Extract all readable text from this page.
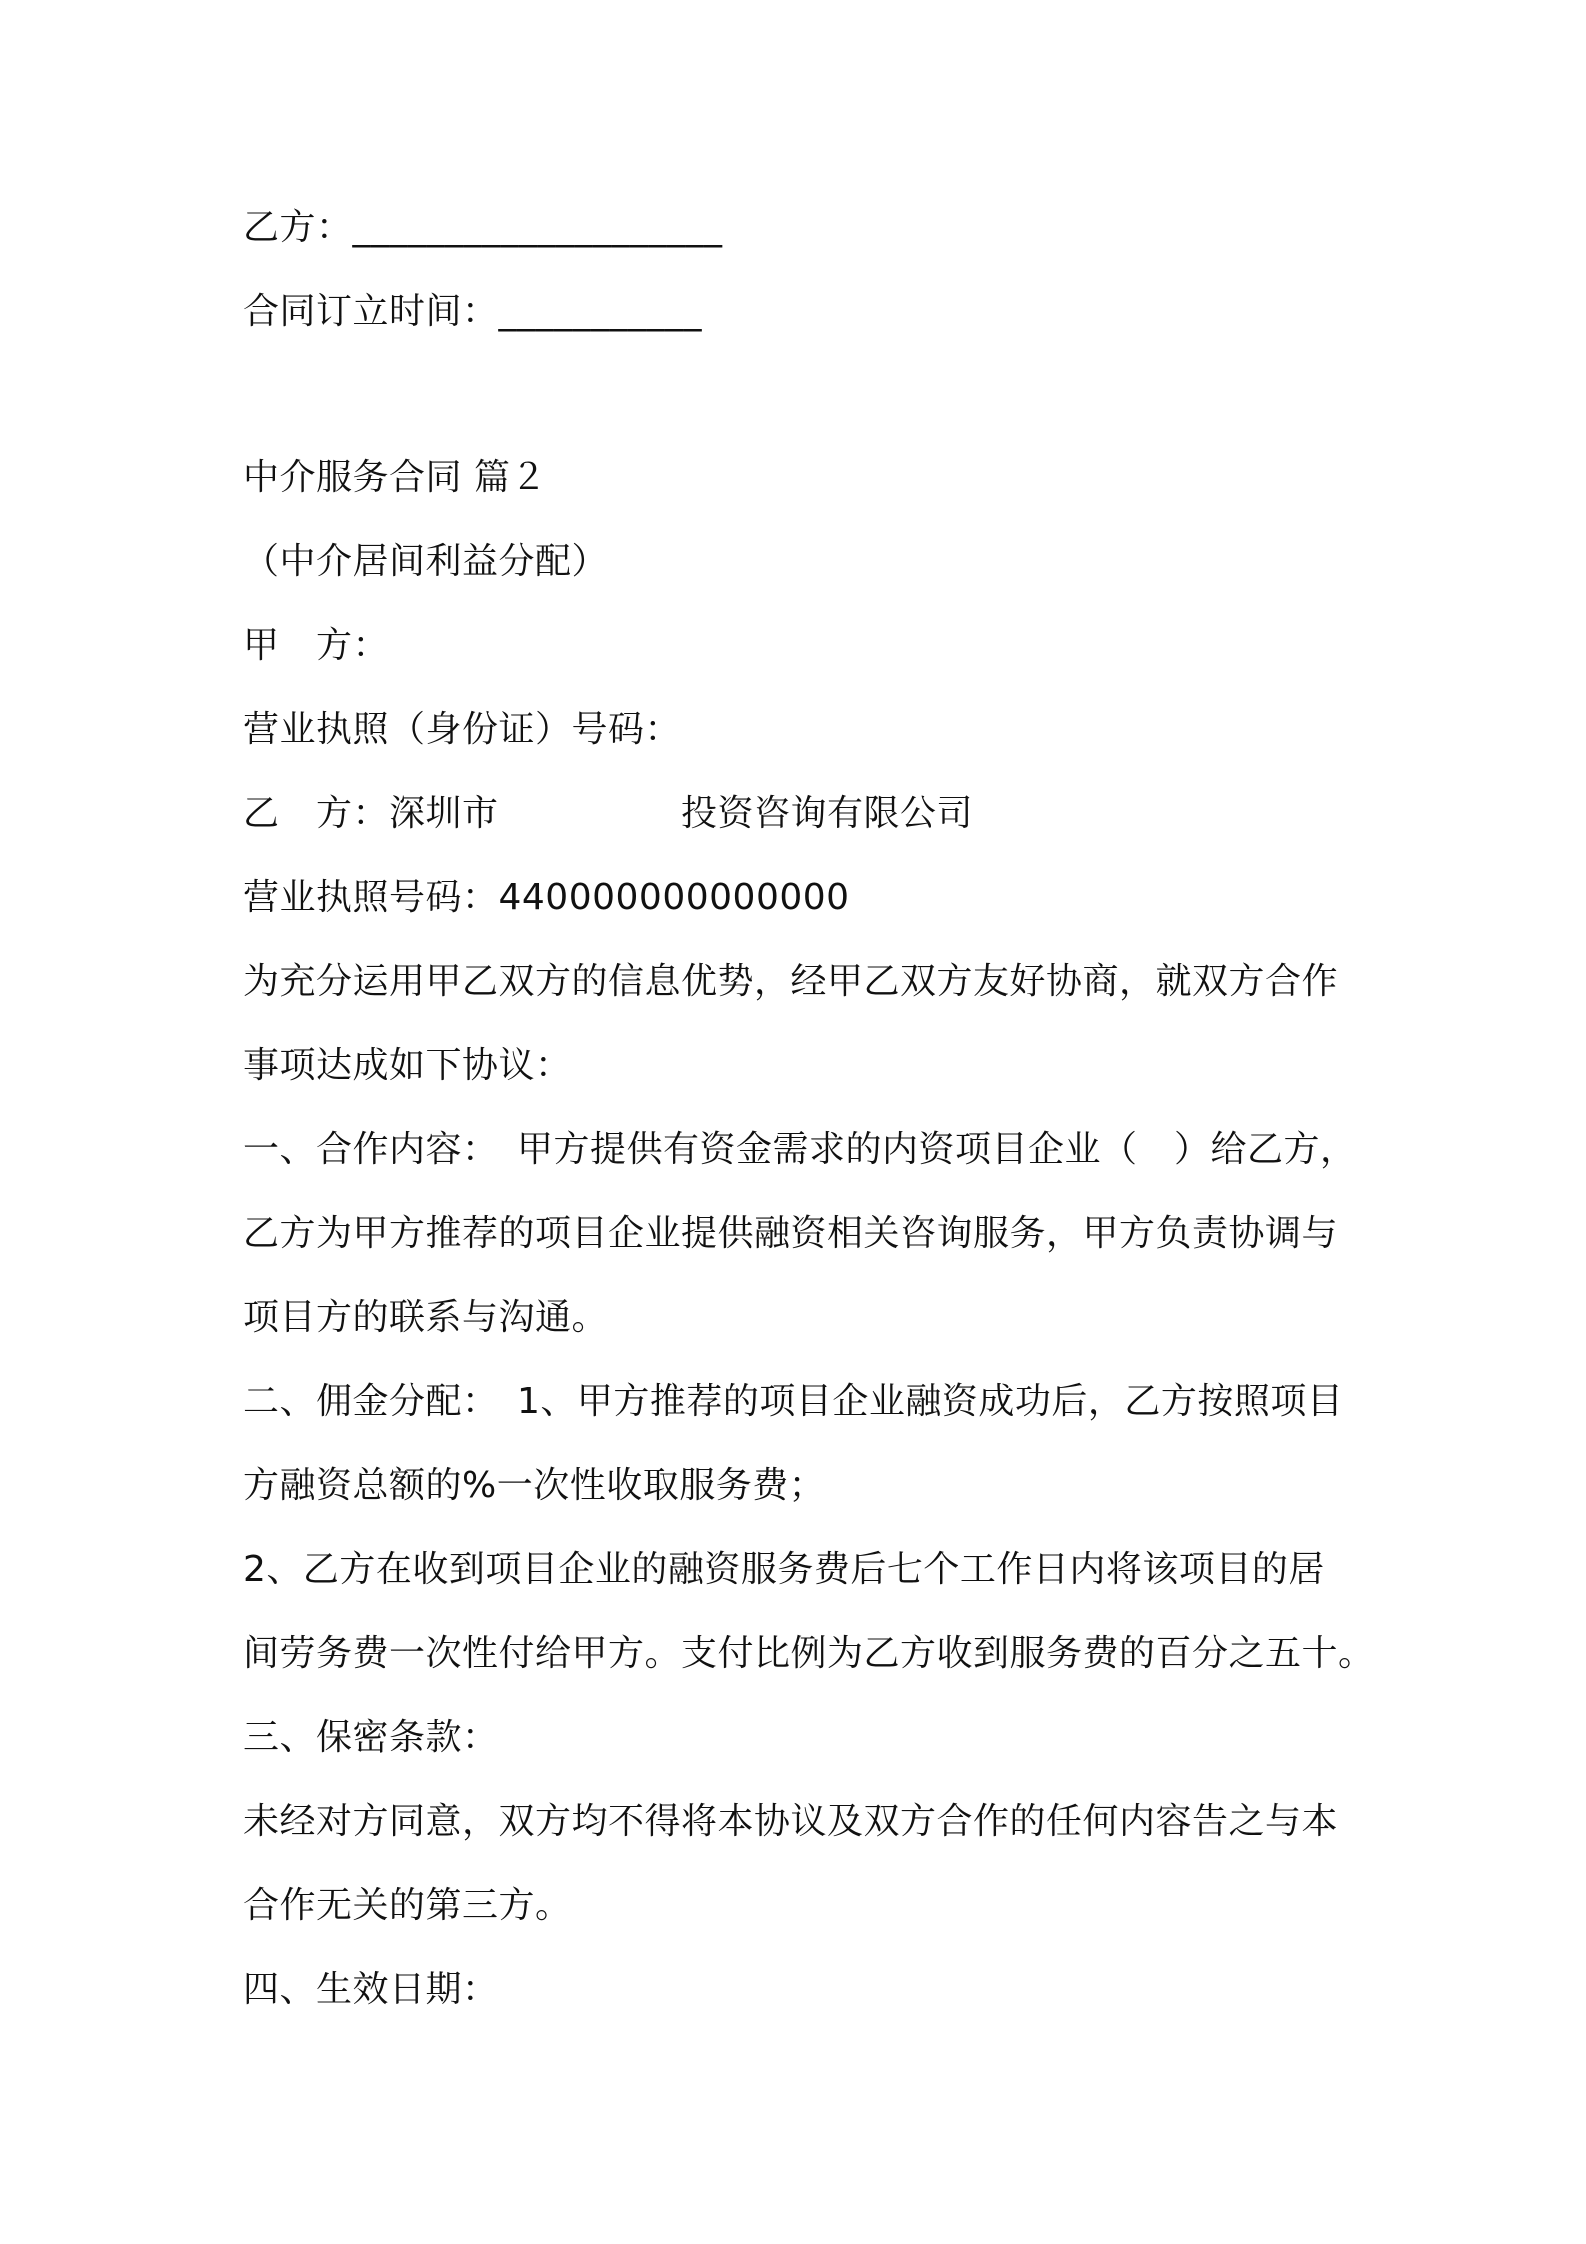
乙方：____________________
合同订立时间：___________
中介服务合同 篇２
（中介居间利益分配）
甲　方：
营业执照（身份证）号码：
乙　方：深圳市　　　　　投资咨询有限公司
营业执照号码：440000000000000
为充分运用甲乙双方的信息优势，经甲乙双方友好协商，就双方合作
事项达成如下协议：
一、合作内容：　甲方提供有资金需求的内资项目企业（　）给乙方，
乙方为甲方推荐的项目企业提供融资相关咨询服务，甲方负责协调与
项目方的联系与沟通。
二、佣金分配：　1、甲方推荐的项目企业融资成功后，乙方按照项目
方融资总额的%一次性收取服务费；
2、乙方在收到项目企业的融资服务费后七个工作日内将该项目的居
间劳务费一次性付给甲方。支付比例为乙方收到服务费的百分之五十。
三、保密条款：
未经对方同意，双方均不得将本协议及双方合作的任何内容告之与本
合作无关的第三方。
四、生效日期：
